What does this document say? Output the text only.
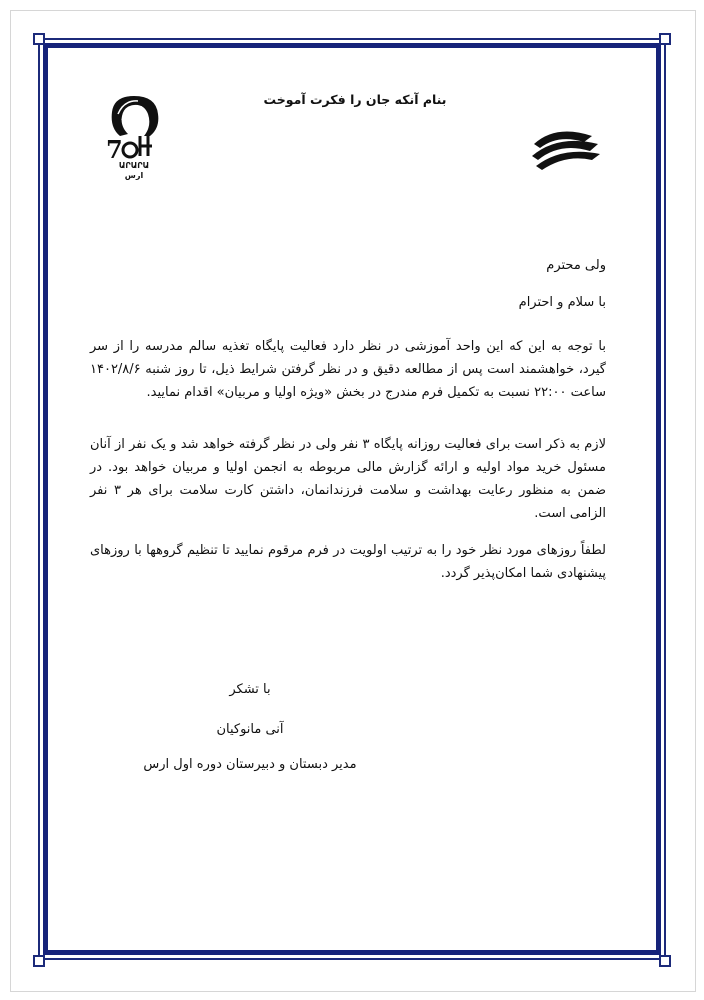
بنام آنکه جان را فکرت آموخت
7
ԱՐԱՐԱ
ارس
ولی محترم
با سلام و احترام
با توجه به این که این واحد آموزشی در نظر دارد فعالیت پایگاه تغذیه سالم مدرسه را از سر گیرد، خواهشمند است پس از مطالعه دقیق و در نظر گرفتن شرایط ذیل، تا روز شنبه ۱۴۰۲/۸/۶ ساعت ۲۲:۰۰ نسبت به تکمیل فرم مندرج در بخش «ویژه اولیا و مربیان» اقدام نمایید.
لازم به ذکر است برای فعالیت روزانه پایگاه ۳ نفر ولی در نظر گرفته خواهد شد و یک نفر از آنان مسئول خرید مواد اولیه و ارائه گزارش مالی مربوطه به انجمن اولیا و مربیان خواهد بود. در ضمن به منظور رعایت بهداشت و سلامت فرزندانمان، داشتن کارت سلامت برای هر ۳ نفر الزامی است.
لطفاً روزهای مورد نظر خود را به ترتیب اولویت در فرم مرقوم نمایید تا تنظیم گروهها با روزهای پیشنهادی شما امکان‌پذیر گردد.
با تشکر
آنی مانوکیان
مدیر دبستان و دبیرستان دوره اول ارس
